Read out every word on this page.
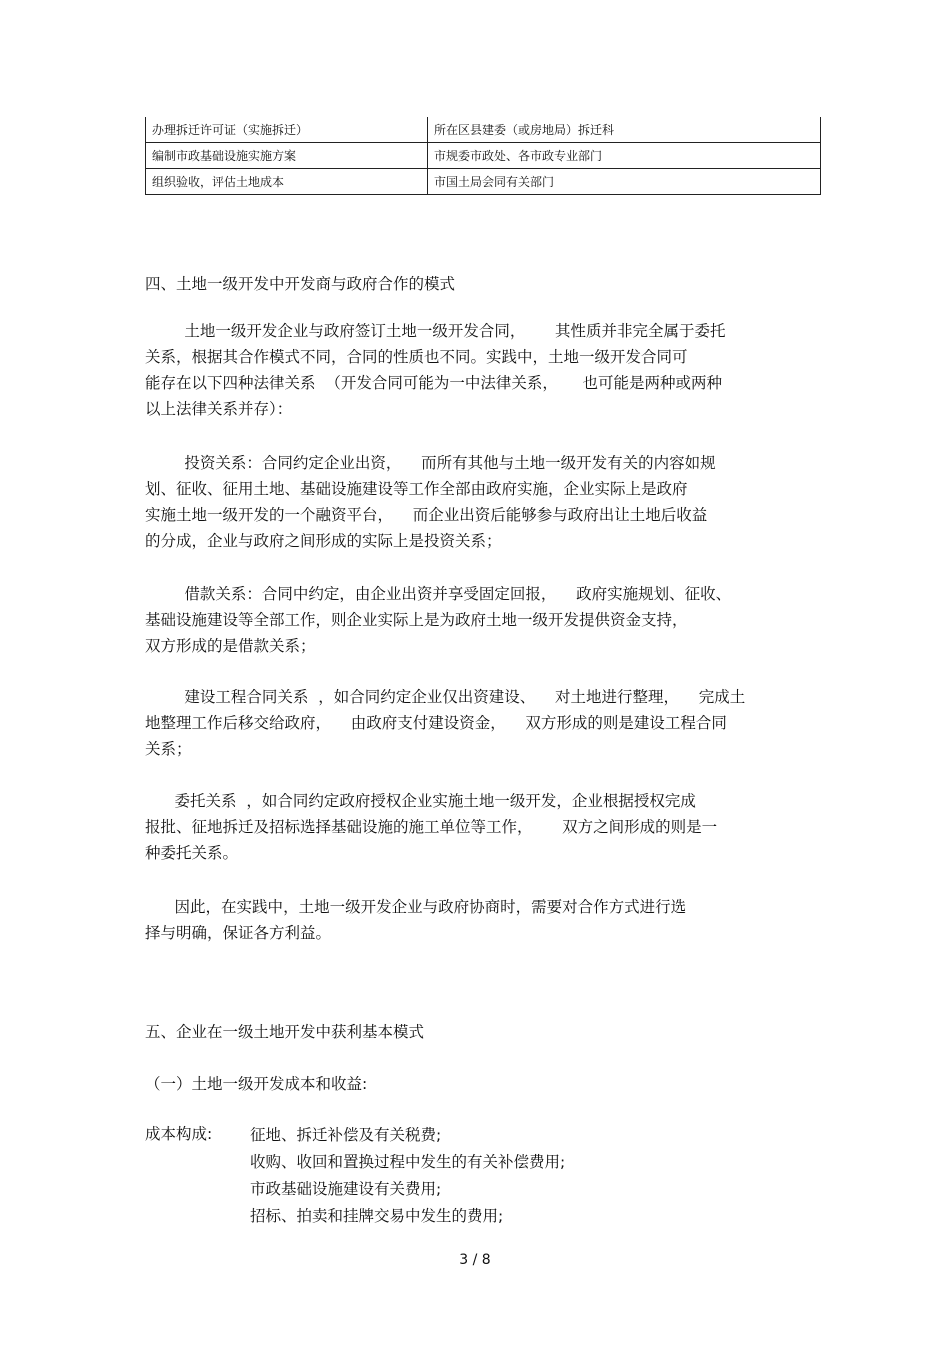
办理拆迁许可证（实施拆迁）	所在区县建委（或房地局）拆迁科
编制市政基础设施实施方案	市规委市政处、各市政专业部门
组织验收，评估土地成本	市国土局会同有关部门
四、土地一级开发中开发商与政府合作的模式
土地一级开发企业与政府签订土地一级开发合同，      其性质并非完全属于委托
关系，根据其合作模式不同，合同的性质也不同。实践中，土地一级开发合同可
能存在以下四种法律关系  （开发合同可能为一中法律关系，     也可能是两种或两种
以上法律关系并存）：
投资关系：合同约定企业出资，    而所有其他与土地一级开发有关的内容如规
划、征收、征用土地、基础设施建设等工作全部由政府实施，企业实际上是政府
实施土地一级开发的一个融资平台，    而企业出资后能够参与政府出让土地后收益
的分成，企业与政府之间形成的实际上是投资关系；
借款关系：合同中约定，由企业出资并享受固定回报，    政府实施规划、征收、
基础设施建设等全部工作，则企业实际上是为政府土地一级开发提供资金支持，
双方形成的是借款关系；
建设工程合同关系  ，如合同约定企业仅出资建设、    对土地进行整理，    完成土
地整理工作后移交给政府，    由政府支付建设资金，    双方形成的则是建设工程合同
关系；
委托关系  ，如合同约定政府授权企业实施土地一级开发，企业根据授权完成
报批、征地拆迁及招标选择基础设施的施工单位等工作，      双方之间形成的则是一
种委托关系。
因此，在实践中，土地一级开发企业与政府协商时，需要对合作方式进行选
择与明确，保证各方利益。
五、企业在一级土地开发中获利基本模式
（一）土地一级开发成本和收益:
成本构成: 征地、拆迁补偿及有关税费;
收购、收回和置换过程中发生的有关补偿费用;
市政基础设施建设有关费用;
招标、拍卖和挂牌交易中发生的费用;
3 / 8
